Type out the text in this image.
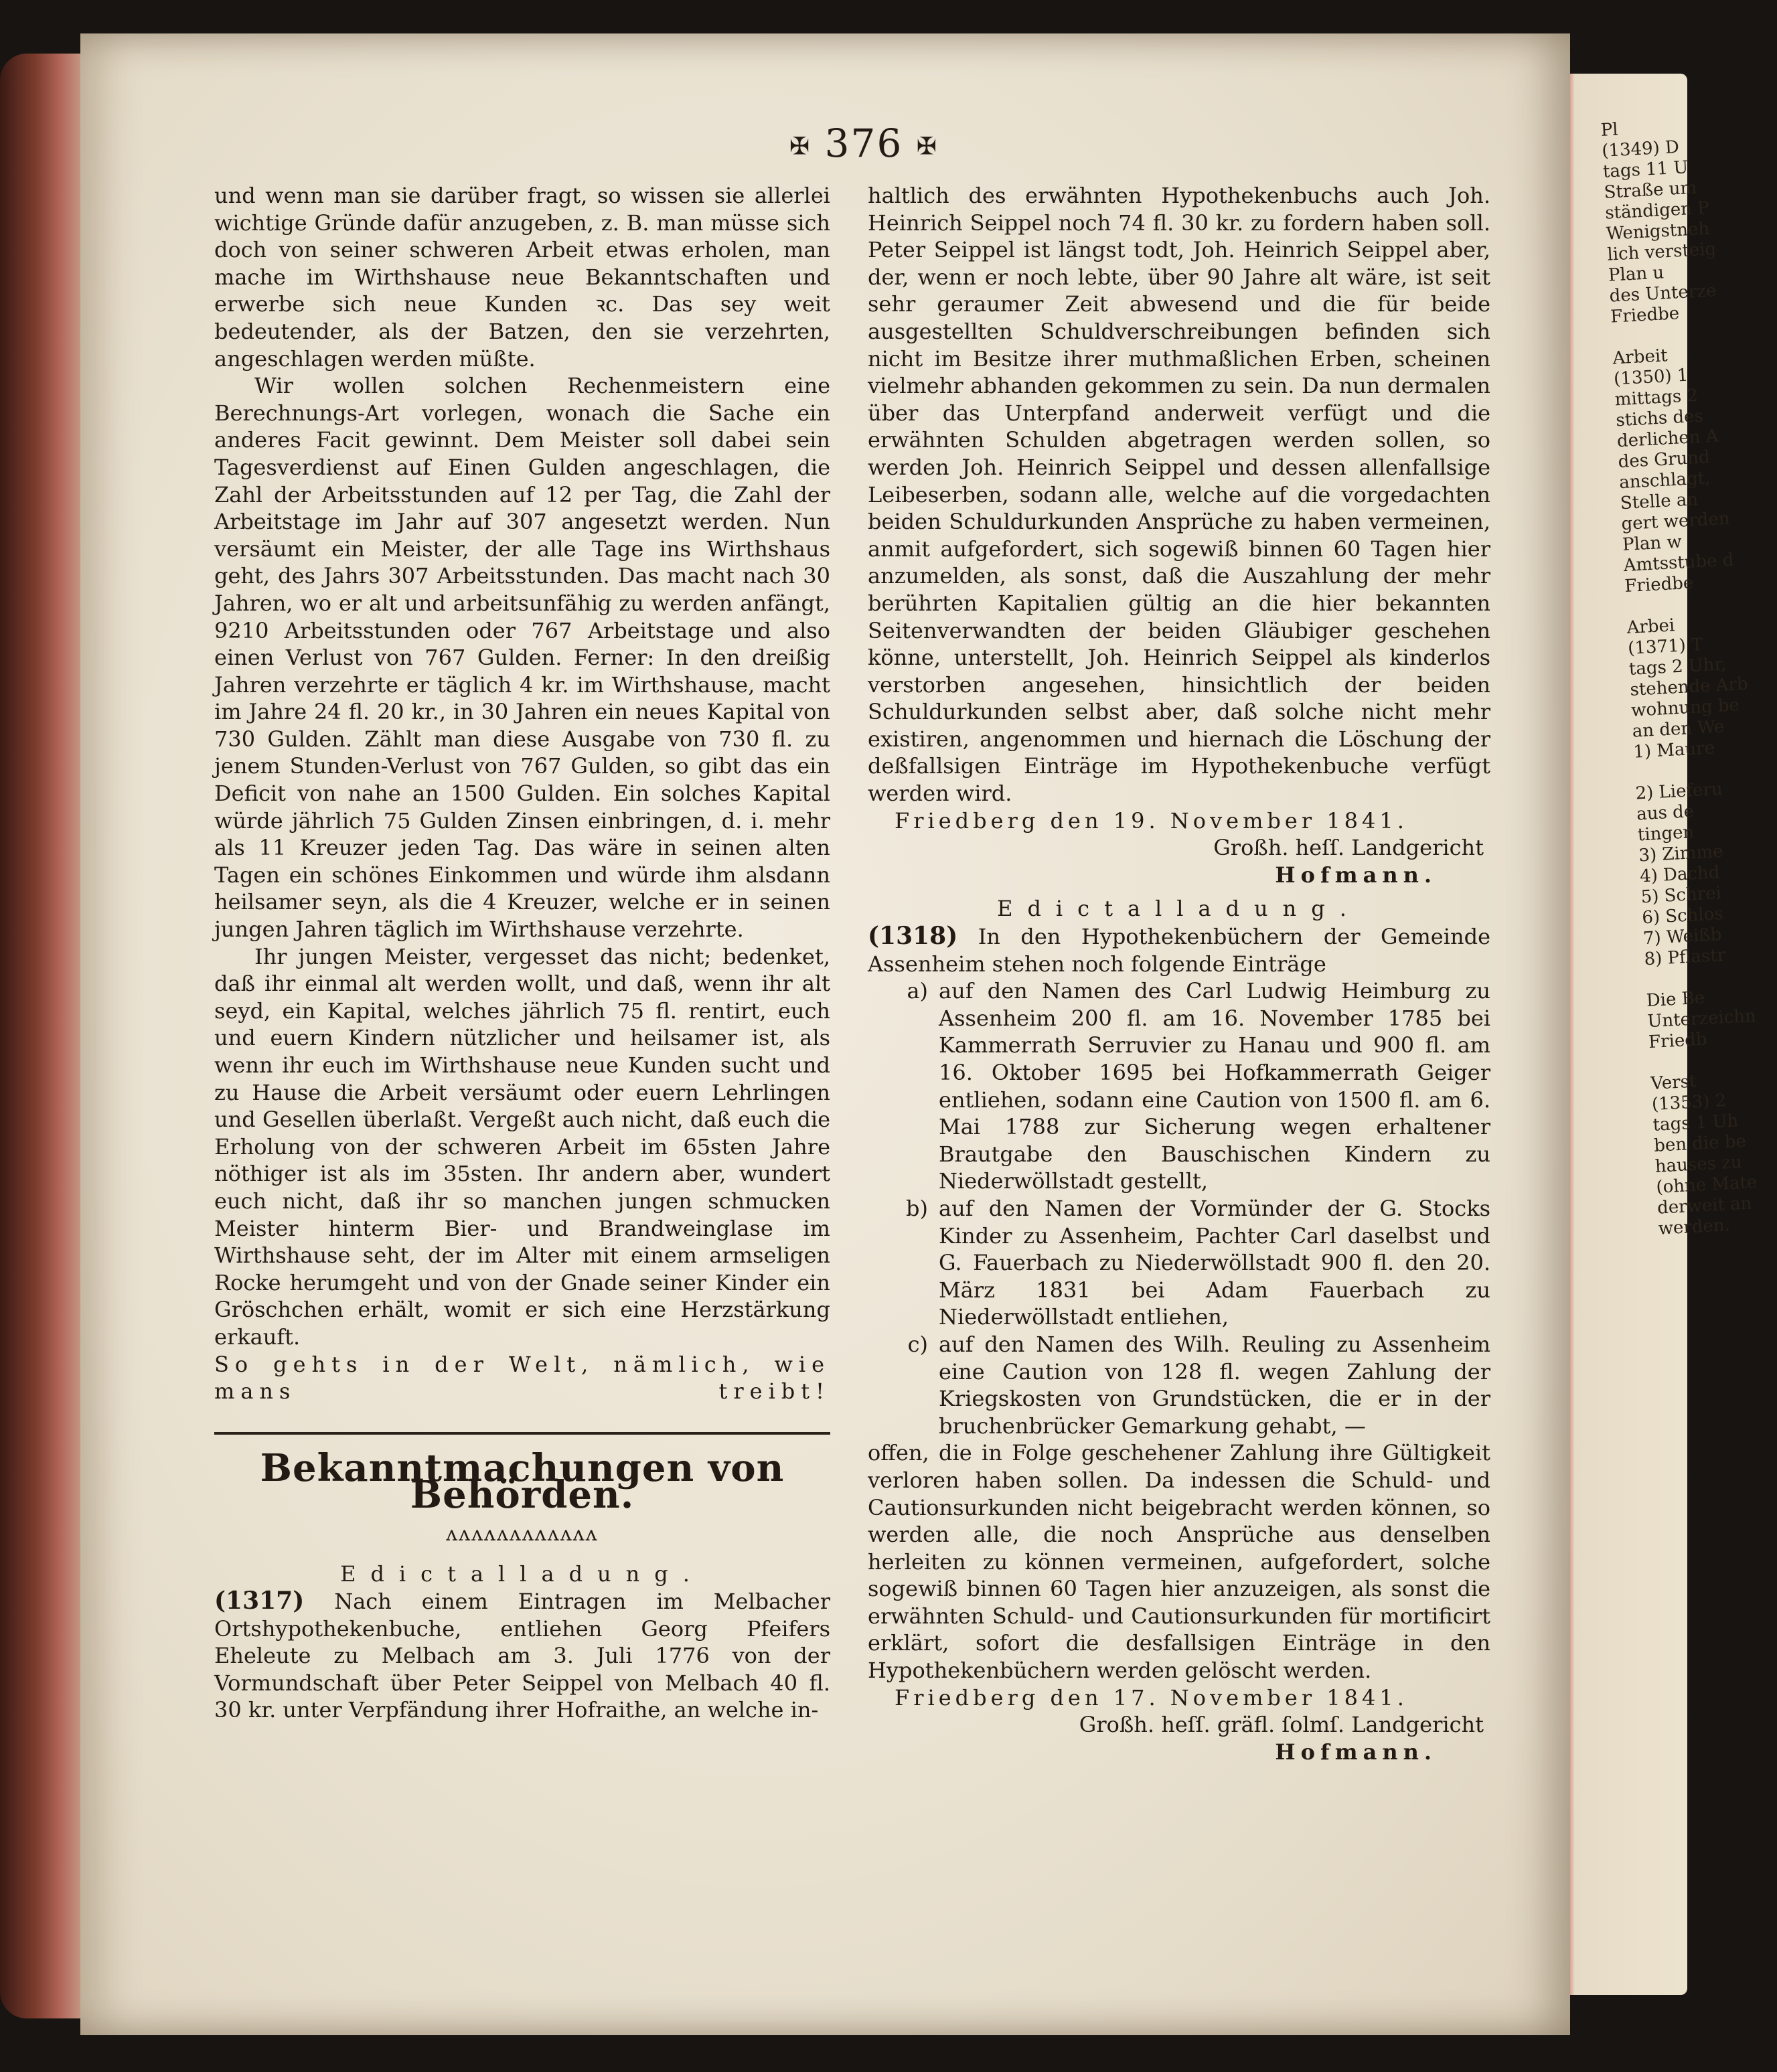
✠ 376 ✠

und wenn man sie darüber fragt, so wissen sie allerlei wichtige Gründe dafür anzugeben, z. B. man müsse sich doch von seiner schweren Arbeit etwas erholen, man mache im Wirthshause neue Bekanntschaften und erwerbe sich neue Kunden ꝛc. Das sey weit bedeutender, als der Batzen, den sie verzehrten, angeschlagen werden müßte.

Wir wollen solchen Rechenmeistern eine Berechnungs-Art vorlegen, wonach die Sache ein anderes Facit gewinnt. Dem Meister soll dabei sein Tagesverdienst auf Einen Gulden angeschlagen, die Zahl der Arbeitsstunden auf 12 per Tag, die Zahl der Arbeitstage im Jahr auf 307 angesetzt werden. Nun versäumt ein Meister, der alle Tage ins Wirthshaus geht, des Jahrs 307 Arbeitsstunden. Das macht nach 30 Jahren, wo er alt und arbeitsunfähig zu werden anfängt, 9210 Arbeitsstunden oder 767 Arbeitstage und also einen Verlust von 767 Gulden. Ferner: In den dreißig Jahren verzehrte er täglich 4 kr. im Wirthshause, macht im Jahre 24 fl. 20 kr., in 30 Jahren ein neues Kapital von 730 Gulden. Zählt man diese Ausgabe von 730 fl. zu jenem Stunden-Verlust von 767 Gulden, so gibt das ein Deficit von nahe an 1500 Gulden. Ein solches Kapital würde jährlich 75 Gulden Zinsen einbringen, d. i. mehr als 11 Kreuzer jeden Tag. Das wäre in seinen alten Tagen ein schönes Einkommen und würde ihm alsdann heilsamer seyn, als die 4 Kreuzer, welche er in seinen jungen Jahren täglich im Wirthshause verzehrte.

Ihr jungen Meister, vergesset das nicht; bedenket, daß ihr einmal alt werden wollt, und daß, wenn ihr alt seyd, ein Kapital, welches jährlich 75 fl. rentirt, euch und euern Kindern nützlicher und heilsamer ist, als wenn ihr euch im Wirthshause neue Kunden sucht und zu Hause die Arbeit versäumt oder euern Lehrlingen und Gesellen überlaßt. Vergeßt auch nicht, daß euch die Erholung von der schweren Arbeit im 65sten Jahre nöthiger ist als im 35sten. Ihr andern aber, wundert euch nicht, daß ihr so manchen jungen schmucken Meister hinterm Bier- und Brandweinglase im Wirthshause seht, der im Alter mit einem armseligen Rocke herumgeht und von der Gnade seiner Kinder ein Gröschchen erhält, womit er sich eine Herzstärkung erkauft.

So gehts in der Welt, nämlich, wie mans treibt!

Bekanntmachungen von Behörden.
ʌʌʌʌʌʌʌʌʌʌʌʌ
Edictalladung.

(1317) Nach einem Eintragen im Melbacher Ortshypothekenbuche, entliehen Georg Pfeifers Eheleute zu Melbach am 3. Juli 1776 von der Vormundschaft über Peter Seippel von Melbach 40 fl. 30 kr. unter Verpfändung ihrer Hofraithe, an welche in-

haltlich des erwähnten Hypothekenbuchs auch Joh. Heinrich Seippel noch 74 fl. 30 kr. zu fordern haben soll. Peter Seippel ist längst todt, Joh. Heinrich Seippel aber, der, wenn er noch lebte, über 90 Jahre alt wäre, ist seit sehr geraumer Zeit abwesend und die für beide ausgestellten Schuldverschreibungen befinden sich nicht im Besitze ihrer muthmaßlichen Erben, scheinen vielmehr abhanden gekommen zu sein. Da nun dermalen über das Unterpfand anderweit verfügt und die erwähnten Schulden abgetragen werden sollen, so werden Joh. Heinrich Seippel und dessen allenfallsige Leibeserben, sodann alle, welche auf die vorgedachten beiden Schuldurkunden Ansprüche zu haben vermeinen, anmit aufgefordert, sich sogewiß binnen 60 Tagen hier anzumelden, als sonst, daß die Auszahlung der mehr berührten Kapitalien gültig an die hier bekannten Seitenverwandten der beiden Gläubiger geschehen könne, unterstellt, Joh. Heinrich Seippel als kinderlos verstorben angesehen, hinsichtlich der beiden Schuldurkunden selbst aber, daß solche nicht mehr existiren, angenommen und hiernach die Löschung der deßfallsigen Einträge im Hypothekenbuche verfügt werden wird.

Friedberg den 19. November 1841.

Großh. heſſ. Landgericht

Hofmann.

Edictalladung.

(1318) In den Hypothekenbüchern der Gemeinde Assenheim stehen noch folgende Einträge

a) auf den Namen des Carl Ludwig Heimburg zu Assenheim 200 fl. am 16. November 1785 bei Kammerrath Serruvier zu Hanau und 900 fl. am 16. Oktober 1695 bei Hofkammerrath Geiger entliehen, sodann eine Caution von 1500 fl. am 6. Mai 1788 zur Sicherung wegen erhaltener Brautgabe den Bauschischen Kindern zu Niederwöllstadt gestellt,
b) auf den Namen der Vormünder der G. Stocks Kinder zu Assenheim, Pachter Carl daselbst und G. Fauerbach zu Niederwöllstadt 900 fl. den 20. März 1831 bei Adam Fauerbach zu Niederwöllstadt entliehen,
c) auf den Namen des Wilh. Reuling zu Assenheim eine Caution von 128 fl. wegen Zahlung der Kriegskosten von Grundstücken, die er in der bruchenbrücker Gemarkung gehabt, —

offen, die in Folge geschehener Zahlung ihre Gültigkeit verloren haben sollen. Da indessen die Schuld- und Cautionsurkunden nicht beigebracht werden können, so werden alle, die noch Ansprüche aus denselben herleiten zu können vermeinen, aufgefordert, solche sogewiß binnen 60 Tagen hier anzuzeigen, als sonst die erwähnten Schuld- und Cautionsurkunden für mortificirt erklärt, sofort die desfallsigen Einträge in den Hypothekenbüchern werden gelöscht werden.

Friedberg den 17. November 1841.

Großh. heſſ. gräfl. ſolmſ. Landgericht

Hofmann.

Pl
(1349) D
tags 11 U
Straße um
ständigen P
Wenigstneh
lich versteig
Plan u
des Unterze
Friedbe

Arbeit
(1350) 1
mittags 2
stichs des
derlichen A
des Grund
anschlagt,
Stelle an
gert werden
Plan w
Amtsstube d
Friedbe

Arbei
(1371) T
tags 2 Uhr,
stehende Arb
wohnung be
an den We
1) Maure

2) Lieferu
aus de
tingen
3) Zimme
4) Dachd
5) Schrei
6) Schlos
7) Weißb
8) Pflastr

Die Be
Unterzeichn
Friedb

Verst
(1353) 2
tags 1 Uh
ben die be
hauses zu
(ohne Mate
derweit an
werden.
